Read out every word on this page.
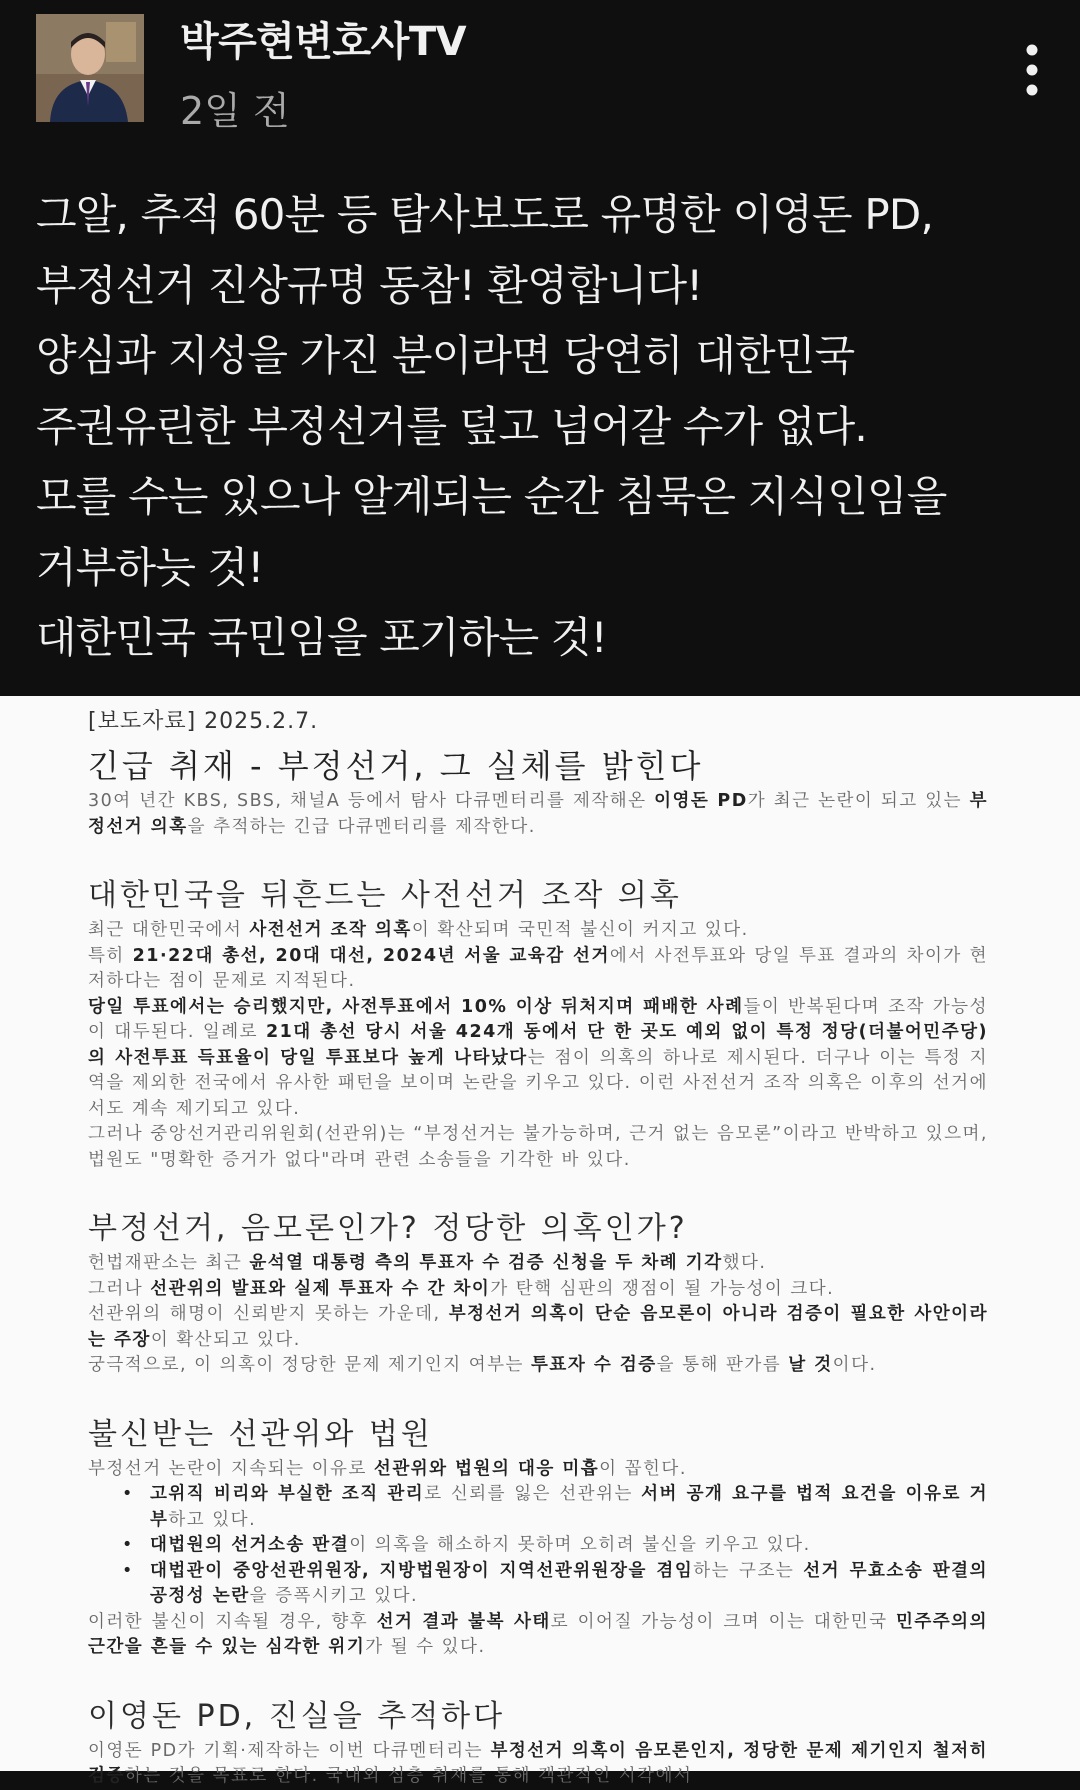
박주현변호사TV
2일 전
그알, 추적 60분 등 탐사보도로 유명한 이영돈 PD,
부정선거 진상규명 동참! 환영합니다!
양심과 지성을 가진 분이라면 당연히 대한민국
주권유린한 부정선거를 덮고 넘어갈 수가 없다.
모를 수는 있으나 알게되는 순간 침묵은 지식인임을
거부하늣 것!
대한민국 국민임을 포기하는 것!
[보도자료] 2025.2.7.
긴급 취재 - 부정선거, 그 실체를 밝힌다

30여 년간 KBS, SBS, 채널A 등에서 탐사 다큐멘터리를 제작해온 이영돈 PD가 최근 논란이 되고 있는 부정선거 의혹을 추적하는 긴급 다큐멘터리를 제작한다.

대한민국을 뒤흔드는 사전선거 조작 의혹

최근 대한민국에서 사전선거 조작 의혹이 확산되며 국민적 불신이 커지고 있다.

특히 21·22대 총선, 20대 대선, 2024년 서울 교육감 선거에서 사전투표와 당일 투표 결과의 차이가 현저하다는 점이 문제로 지적된다.

당일 투표에서는 승리했지만, 사전투표에서 10% 이상 뒤처지며 패배한 사례들이 반복된다며 조작 가능성이 대두된다. 일례로 21대 총선 당시 서울 424개 동에서 단 한 곳도 예외 없이 특정 정당(더불어민주당)의 사전투표 득표율이 당일 투표보다 높게 나타났다는 점이 의혹의 하나로 제시된다. 더구나 이는 특정 지역을 제외한 전국에서 유사한 패턴을 보이며 논란을 키우고 있다. 이런 사전선거 조작 의혹은 이후의 선거에서도 계속 제기되고 있다.

그러나 중앙선거관리위원회(선관위)는 “부정선거는 불가능하며, 근거 없는 음모론”이라고 반박하고 있으며, 법원도 "명확한 증거가 없다"라며 관련 소송들을 기각한 바 있다.

부정선거, 음모론인가? 정당한 의혹인가?

헌법재판소는 최근 윤석열 대통령 측의 투표자 수 검증 신청을 두 차례 기각했다.

그러나 선관위의 발표와 실제 투표자 수 간 차이가 탄핵 심판의 쟁점이 될 가능성이 크다.

선관위의 해명이 신뢰받지 못하는 가운데, 부정선거 의혹이 단순 음모론이 아니라 검증이 필요한 사안이라는 주장이 확산되고 있다.

궁극적으로, 이 의혹이 정당한 문제 제기인지 여부는 투표자 수 검증을 통해 판가름 날 것이다.

불신받는 선관위와 법원

부정선거 논란이 지속되는 이유로 선관위와 법원의 대응 미흡이 꼽힌다.

• 고위직 비리와 부실한 조직 관리로 신뢰를 잃은 선관위는 서버 공개 요구를 법적 요건을 이유로 거부하고 있다.
• 대법원의 선거소송 판결이 의혹을 해소하지 못하며 오히려 불신을 키우고 있다.
• 대법관이 중앙선관위원장, 지방법원장이 지역선관위원장을 겸임하는 구조는 선거 무효소송 판결의 공정성 논란을 증폭시키고 있다.

이러한 불신이 지속될 경우, 향후 선거 결과 불복 사태로 이어질 가능성이 크며 이는 대한민국 민주주의의 근간을 흔들 수 있는 심각한 위기가 될 수 있다.

이영돈 PD, 진실을 추적하다

이영돈 PD가 기획·제작하는 이번 다큐멘터리는 부정선거 의혹이 음모론인지, 정당한 문제 제기인지 철저히 검증하는 것을 목표로 한다. 국내외 심층 취재를 통해 객관적인 시각에서
